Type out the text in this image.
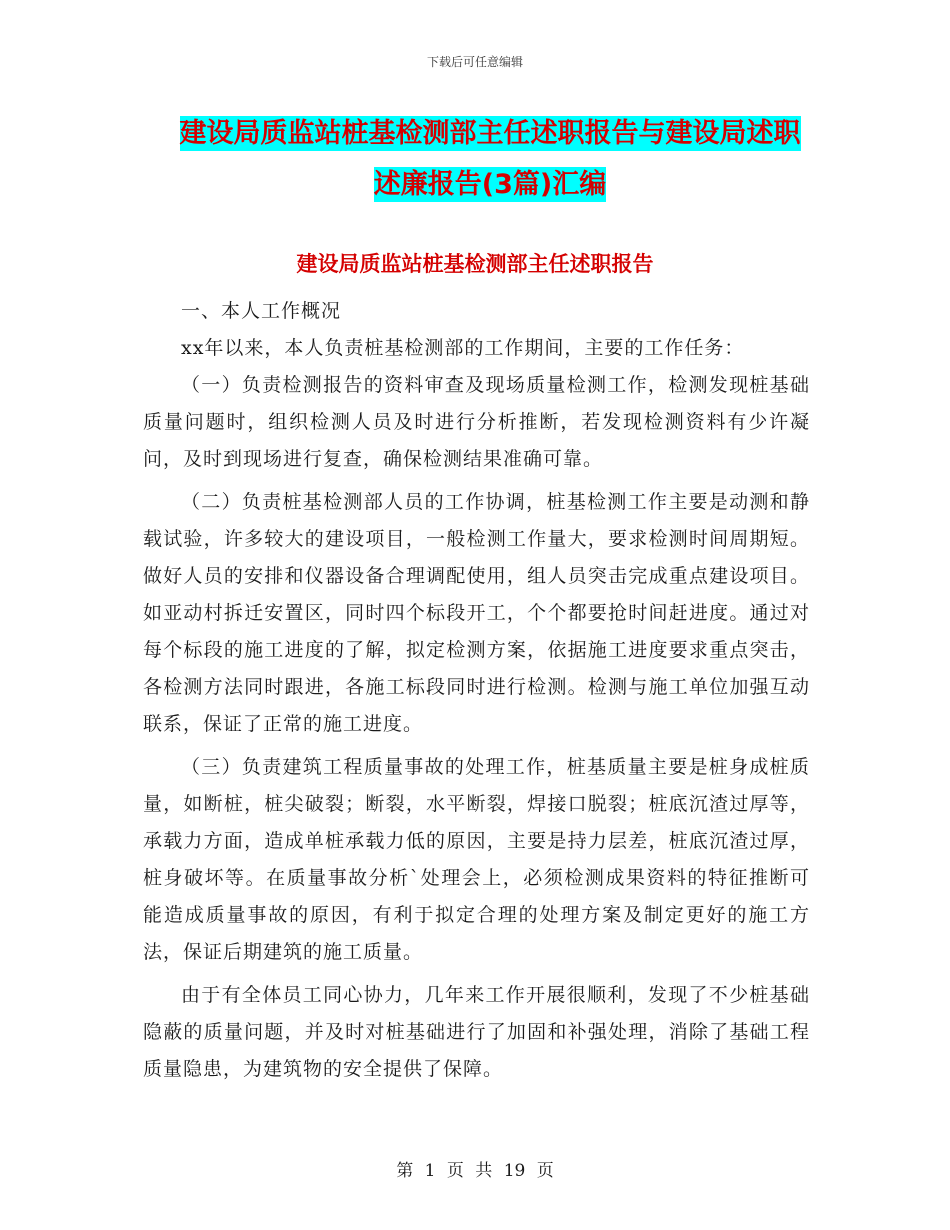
下载后可任意编辑
建设局质监站桩基检测部主任述职报告与建设局述职
述廉报告(3篇)汇编
建设局质监站桩基检测部主任述职报告

一、本人工作概况

xx年以来，本人负责桩基检测部的工作期间，主要的工作任务：

（一）负责检测报告的资料审查及现场质量检测工作，检测发现桩基础质量问题时，组织检测人员及时进行分析推断，若发现检测资料有少许凝问，及时到现场进行复查，确保检测结果准确可靠。

（二）负责桩基检测部人员的工作协调，桩基检测工作主要是动测和静载试验，许多较大的建设项目，一般检测工作量大，要求检测时间周期短。做好人员的安排和仪器设备合理调配使用，组人员突击完成重点建设项目。如亚动村拆迁安置区，同时四个标段开工，个个都要抢时间赶进度。通过对每个标段的施工进度的了解，拟定检测方案，依据施工进度要求重点突击，各检测方法同时跟进，各施工标段同时进行检测。检测与施工单位加强互动联系，保证了正常的施工进度。

（三）负责建筑工程质量事故的处理工作，桩基质量主要是桩身成桩质量，如断桩，桩尖破裂；断裂，水平断裂，焊接口脱裂；桩底沉渣过厚等，承载力方面，造成单桩承载力低的原因，主要是持力层差，桩底沉渣过厚，桩身破坏等。在质量事故分析`处理会上，必须检测成果资料的特征推断可能造成质量事故的原因，有利于拟定合理的处理方案及制定更好的施工方法，保证后期建筑的施工质量。

由于有全体员工同心协力，几年来工作开展很顺利，发现了不少桩基础隐蔽的质量问题，并及时对桩基础进行了加固和补强处理，消除了基础工程质量隐患，为建筑物的安全提供了保障。

第 1 页 共 19 页
